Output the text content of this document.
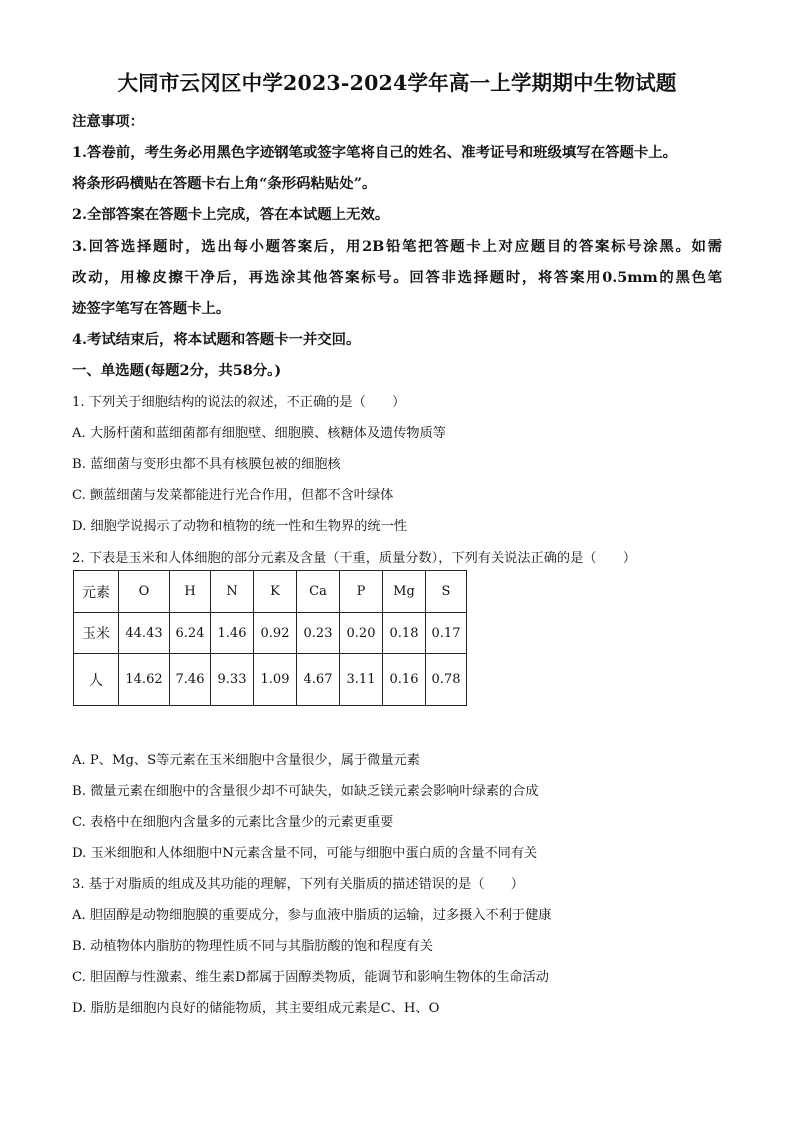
大同市云冈区中学2023-2024学年高一上学期期中生物试题
注意事项：
1.答卷前，考生务必用黑色字迹钢笔或签字笔将自己的姓名、准考证号和班级填写在答题卡上。
将条形码横贴在答题卡右上角“条形码粘贴处”。
2.全部答案在答题卡上完成，答在本试题上无效。
3.回答选择题时，选出每小题答案后，用2B铅笔把答题卡上对应题目的答案标号涂黑。如需
改动，用橡皮擦干净后，再选涂其他答案标号。回答非选择题时，将答案用0.5mm的黑色笔
迹签字笔写在答题卡上。
4.考试结束后，将本试题和答题卡一并交回。
一、单选题(每题2分，共58分。)
1. 下列关于细胞结构的说法的叙述，不正确的是（　　）
A. 大肠杆菌和蓝细菌都有细胞壁、细胞膜、核糖体及遗传物质等
B. 蓝细菌与变形虫都不具有核膜包被的细胞核
C. 颤蓝细菌与发菜都能进行光合作用，但都不含叶绿体
D. 细胞学说揭示了动物和植物的统一性和生物界的统一性
2. 下表是玉米和人体细胞的部分元素及含量（干重，质量分数），下列有关说法正确的是（　　）
元素	O	H	N	K	Ca	P	Mg	S
玉米	44.43	6.24	1.46	0.92	0.23	0.20	0.18	0.17
人	14.62	7.46	9.33	1.09	4.67	3.11	0.16	0.78
A. P、Mg、S等元素在玉米细胞中含量很少，属于微量元素
B. 微量元素在细胞中的含量很少却不可缺失，如缺乏镁元素会影响叶绿素的合成
C. 表格中在细胞内含量多的元素比含量少的元素更重要
D. 玉米细胞和人体细胞中N元素含量不同，可能与细胞中蛋白质的含量不同有关
3. 基于对脂质的组成及其功能的理解，下列有关脂质的描述错误的是（　　）
A. 胆固醇是动物细胞膜的重要成分，参与血液中脂质的运输，过多摄入不利于健康
B. 动植物体内脂肪的物理性质不同与其脂肪酸的饱和程度有关
C. 胆固醇与性激素、维生素D都属于固醇类物质，能调节和影响生物体的生命活动
D. 脂肪是细胞内良好的储能物质，其主要组成元素是C、H、O
